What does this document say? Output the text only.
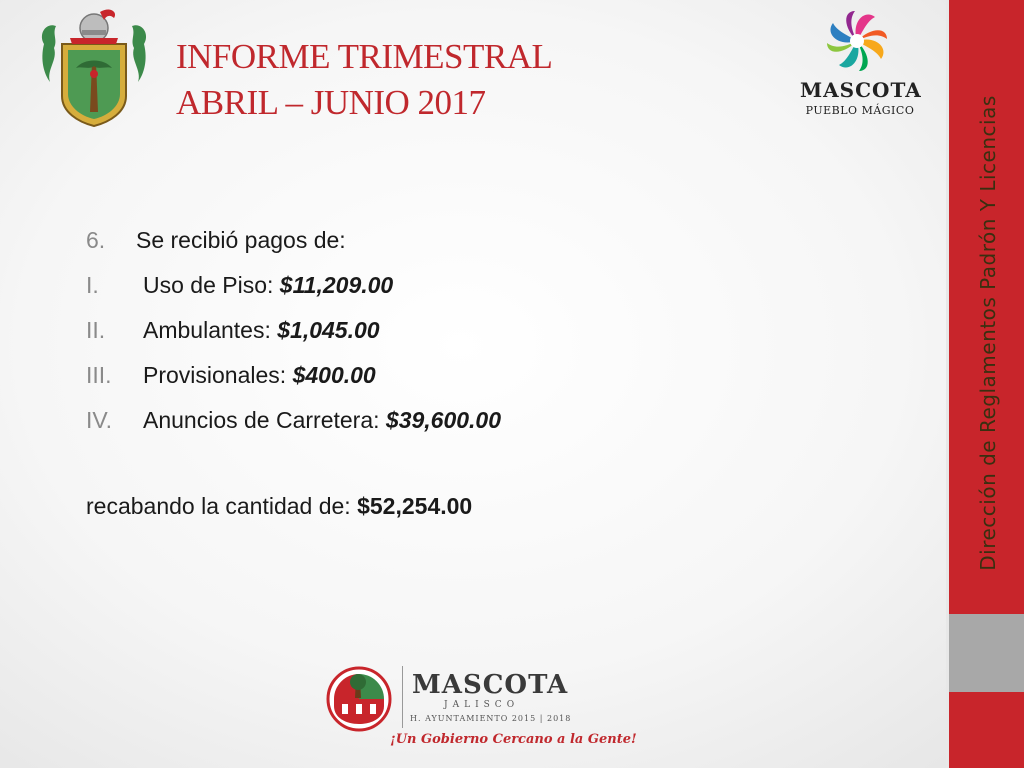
INFORME TRIMESTRAL
ABRIL – JUNIO 2017	MASCOTA
PUEBLO MÁGICO
6. Se recibió pagos de:
I. Uso de Piso: $11,209.00
II. Ambulantes: $1,045.00
III. Provisionales: $400.00
IV. Anuncios de Carretera: $39,600.00
recabando la cantidad de: $52,254.00
MASCOTA
JALISCO
H. AYUNTAMIENTO 2015 | 2018
¡Un Gobierno Cercano a la Gente!
Dirección de Reglamentos Padrón Y Licencias
